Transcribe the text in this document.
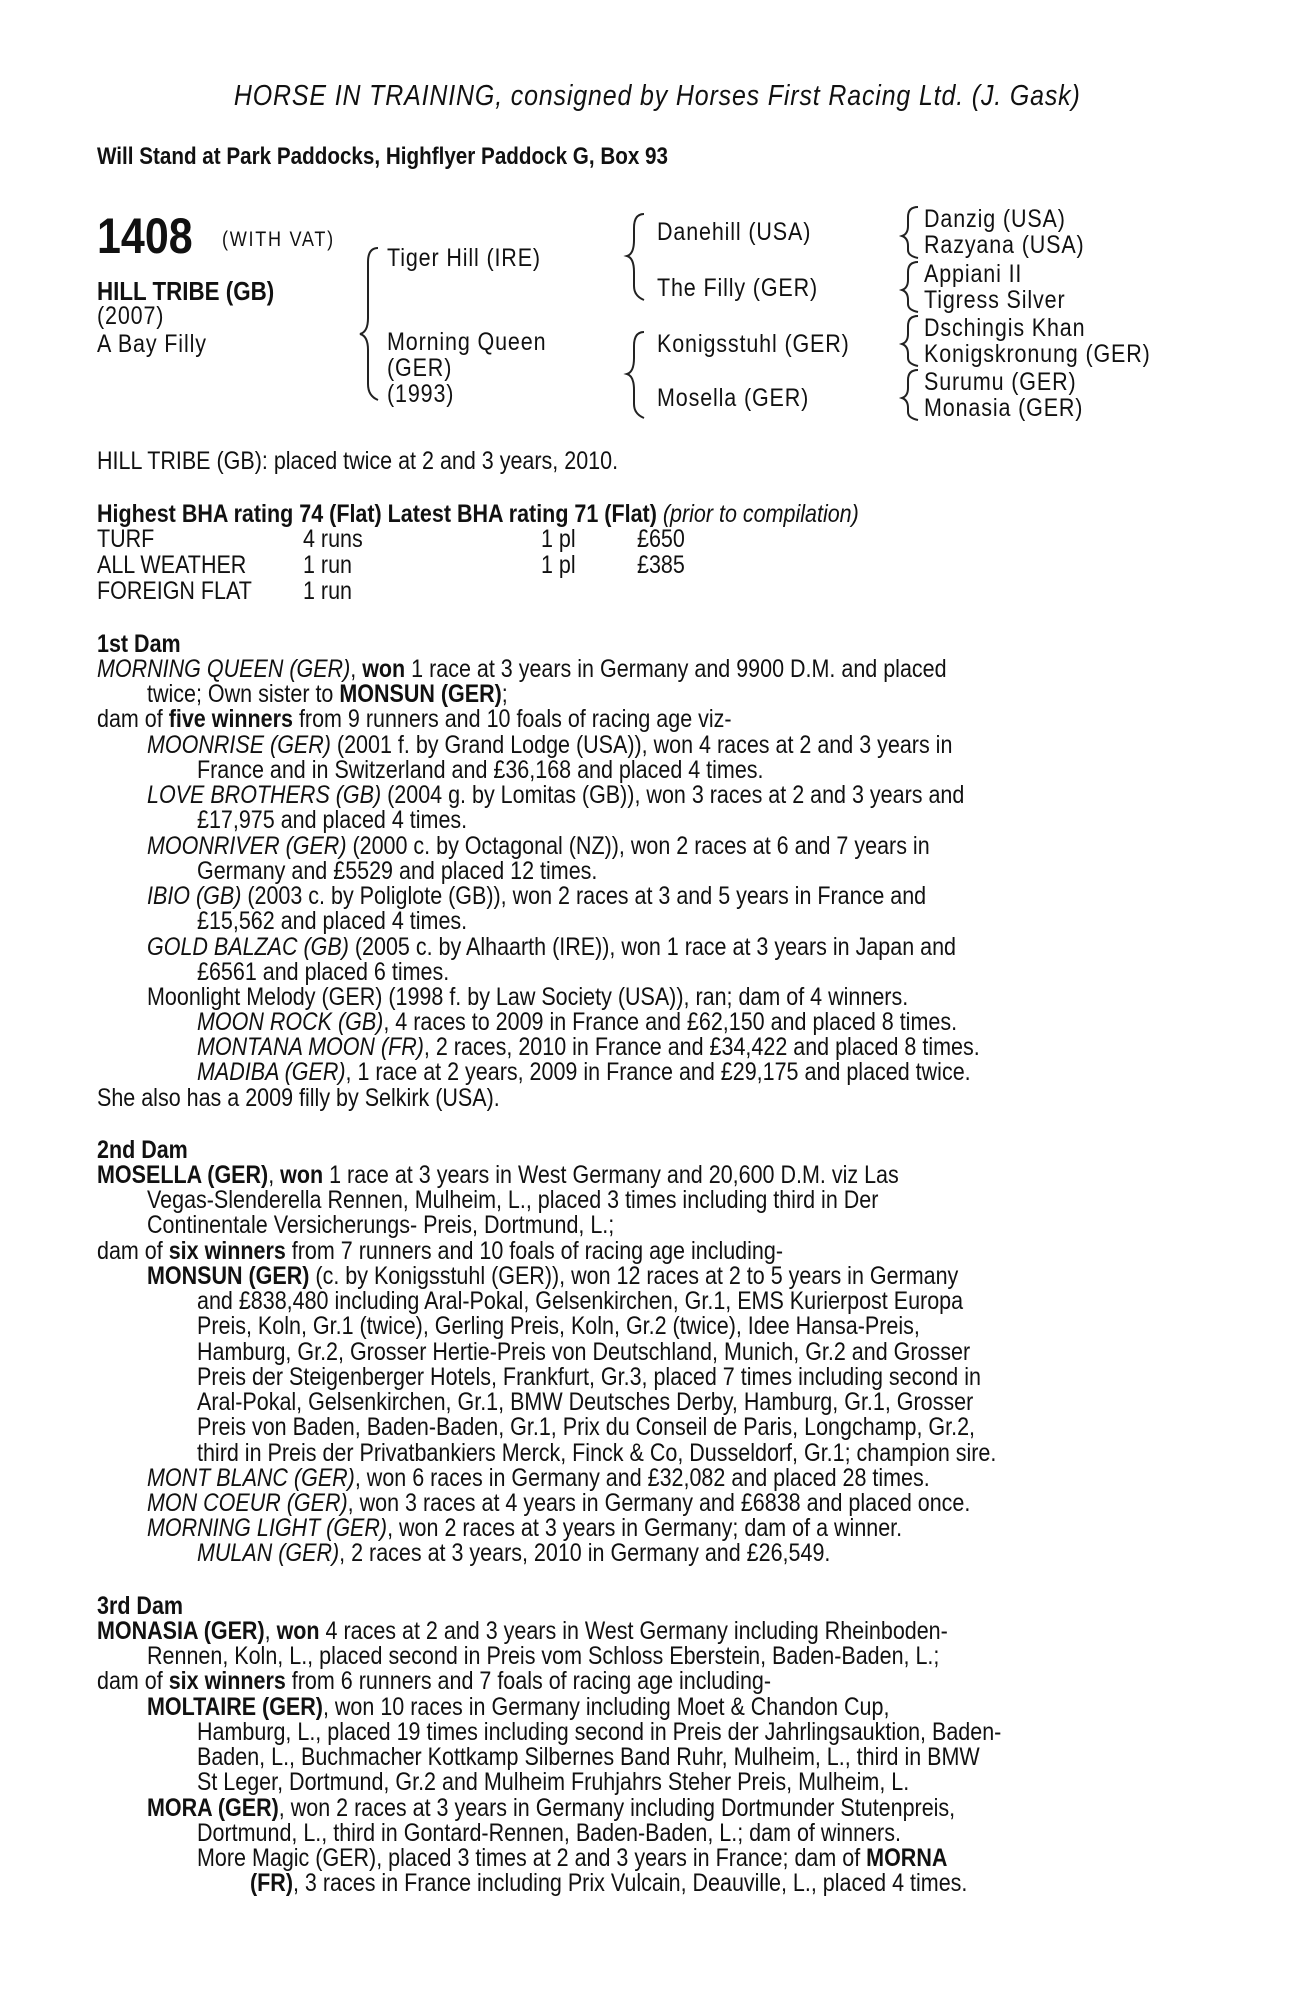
HORSE IN TRAINING, consigned by Horses First Racing Ltd. (J. Gask)
Will Stand at Park Paddocks, Highflyer Paddock G, Box 93
1408	(WITH VAT)
HILL TRIBE (GB)
(2007)
A Bay Filly
Tiger Hill (IRE)
Morning Queen
(GER)
(1993)
Danehill (USA)
The Filly (GER)
Konigsstuhl (GER)
Mosella (GER)
Danzig (USA)
Razyana (USA)
Appiani II
Tigress Silver
Dschingis Khan
Konigskronung (GER)
Surumu (GER)
Monasia (GER)
HILL TRIBE (GB): placed twice at 2 and 3 years, 2010.
Highest BHA rating 74 (Flat) Latest BHA rating 71 (Flat) (prior to compilation)
TURF	4 runs	1 pl £650
ALL WEATHER	1 run	1 pl £385
FOREIGN FLAT	1 run
1st Dam
MORNING QUEEN (GER), won 1 race at 3 years in Germany and 9900 D.M. and placed
twice; Own sister to MONSUN (GER);
dam of five winners from 9 runners and 10 foals of racing age viz-
MOONRISE (GER) (2001 f. by Grand Lodge (USA)), won 4 races at 2 and 3 years in
France and in Switzerland and £36,168 and placed 4 times.
LOVE BROTHERS (GB) (2004 g. by Lomitas (GB)), won 3 races at 2 and 3 years and
£17,975 and placed 4 times.
MOONRIVER (GER) (2000 c. by Octagonal (NZ)), won 2 races at 6 and 7 years in
Germany and £5529 and placed 12 times.
IBIO (GB) (2003 c. by Poliglote (GB)), won 2 races at 3 and 5 years in France and
£15,562 and placed 4 times.
GOLD BALZAC (GB) (2005 c. by Alhaarth (IRE)), won 1 race at 3 years in Japan and
£6561 and placed 6 times.
Moonlight Melody (GER) (1998 f. by Law Society (USA)), ran; dam of 4 winners.
MOON ROCK (GB), 4 races to 2009 in France and £62,150 and placed 8 times.
MONTANA MOON (FR), 2 races, 2010 in France and £34,422 and placed 8 times.
MADIBA (GER), 1 race at 2 years, 2009 in France and £29,175 and placed twice.
She also has a 2009 filly by Selkirk (USA).
2nd Dam
MOSELLA (GER), won 1 race at 3 years in West Germany and 20,600 D.M. viz Las
Vegas-Slenderella Rennen, Mulheim, L., placed 3 times including third in Der
Continentale Versicherungs- Preis, Dortmund, L.;
dam of six winners from 7 runners and 10 foals of racing age including-
MONSUN (GER) (c. by Konigsstuhl (GER)), won 12 races at 2 to 5 years in Germany
and £838,480 including Aral-Pokal, Gelsenkirchen, Gr.1, EMS Kurierpost Europa
Preis, Koln, Gr.1 (twice), Gerling Preis, Koln, Gr.2 (twice), Idee Hansa-Preis,
Hamburg, Gr.2, Grosser Hertie-Preis von Deutschland, Munich, Gr.2 and Grosser
Preis der Steigenberger Hotels, Frankfurt, Gr.3, placed 7 times including second in
Aral-Pokal, Gelsenkirchen, Gr.1, BMW Deutsches Derby, Hamburg, Gr.1, Grosser
Preis von Baden, Baden-Baden, Gr.1, Prix du Conseil de Paris, Longchamp, Gr.2,
third in Preis der Privatbankiers Merck, Finck & Co, Dusseldorf, Gr.1; champion sire.
MONT BLANC (GER), won 6 races in Germany and £32,082 and placed 28 times.
MON COEUR (GER), won 3 races at 4 years in Germany and £6838 and placed once.
MORNING LIGHT (GER), won 2 races at 3 years in Germany; dam of a winner.
MULAN (GER), 2 races at 3 years, 2010 in Germany and £26,549.
3rd Dam
MONASIA (GER), won 4 races at 2 and 3 years in West Germany including Rheinboden-
Rennen, Koln, L., placed second in Preis vom Schloss Eberstein, Baden-Baden, L.;
dam of six winners from 6 runners and 7 foals of racing age including-
MOLTAIRE (GER), won 10 races in Germany including Moet & Chandon Cup,
Hamburg, L., placed 19 times including second in Preis der Jahrlingsauktion, Baden-
Baden, L., Buchmacher Kottkamp Silbernes Band Ruhr, Mulheim, L., third in BMW
St Leger, Dortmund, Gr.2 and Mulheim Fruhjahrs Steher Preis, Mulheim, L.
MORA (GER), won 2 races at 3 years in Germany including Dortmunder Stutenpreis,
Dortmund, L., third in Gontard-Rennen, Baden-Baden, L.; dam of winners.
More Magic (GER), placed 3 times at 2 and 3 years in France; dam of MORNA
(FR), 3 races in France including Prix Vulcain, Deauville, L., placed 4 times.
